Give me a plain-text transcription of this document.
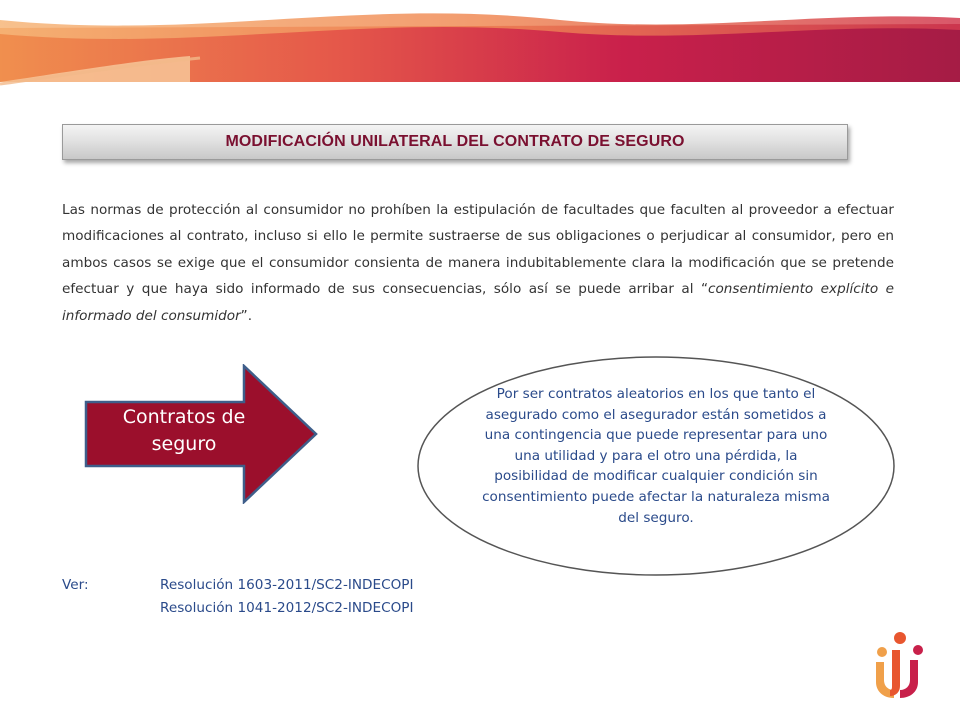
MODIFICACIÓN UNILATERAL DEL CONTRATO DE SEGURO

Las normas de protección al consumidor no prohíben la estipulación de facultades que faculten al proveedor a efectuar modificaciones al contrato, incluso si ello le permite sustraerse de sus obligaciones o perjudicar al consumidor, pero en ambos casos se exige que el consumidor consienta de manera indubitablemente clara la modificación que se pretende efectuar y que haya sido informado de sus consecuencias, sólo así se puede arribar al “consentimiento explícito e informado del consumidor”.

Contratos de seguro
Por ser contratos aleatorios en los que tanto el asegurado como el asegurador están sometidos a una contingencia que puede representar para uno una utilidad y para el otro una pérdida, la posibilidad de modificar cualquier condición sin consentimiento puede afectar la naturaleza misma del seguro.
Ver:	Resolución 1603-2011/SC2-INDECOPI
Resolución 1041-2012/SC2-INDECOPI
